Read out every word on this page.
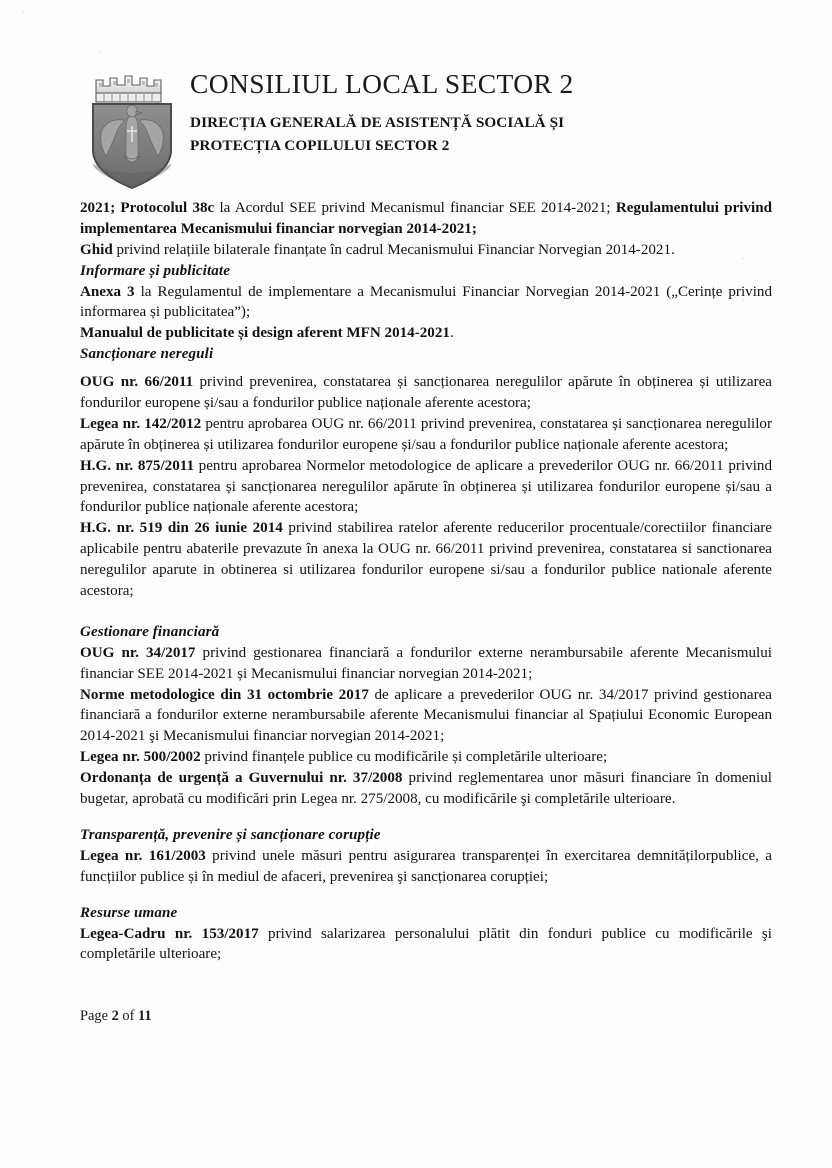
▪▫▫
▫▪▫
▫▪
▫▪
CONSILIUL LOCAL SECTOR 2
DIRECȚIA GENERALĂ DE ASISTENȚĂ SOCIALĂ ȘI
PROTECȚIA COPILULUI SECTOR 2

2021; Protocolul 38c la Acordul SEE privind Mecanismul financiar SEE 2014-2021; Regulamentului privind implementarea Mecanismului financiar norvegian 2014-2021;

Ghid privind relațiile bilaterale finanțate în cadrul Mecanismului Financiar Norvegian 2014-2021.

Informare și publicitate

Anexa 3 la Regulamentul de implementare a Mecanismului Financiar Norvegian 2014-2021 („Cerințe privind informarea și publicitatea”);

Manualul de publicitate și design aferent MFN 2014-2021.

Sancționare nereguli

OUG nr. 66/2011 privind prevenirea, constatarea și sancționarea neregulilor apărute în obținerea și utilizarea fondurilor europene și/sau a fondurilor publice naționale aferente acestora;

Legea nr. 142/2012 pentru aprobarea OUG nr. 66/2011 privind prevenirea, constatarea și sancționarea neregulilor apărute în obținerea și utilizarea fondurilor europene și/sau a fondurilor publice naționale aferente acestora;

H.G. nr. 875/2011 pentru aprobarea Normelor metodologice de aplicare a prevederilor OUG nr. 66/2011 privind prevenirea, constatarea și sancționarea neregulilor apărute în obținerea și utilizarea fondurilor europene și/sau a fondurilor publice naționale aferente acestora;

H.G. nr. 519 din 26 iunie 2014 privind stabilirea ratelor aferente reducerilor procentuale/corectiilor financiare aplicabile pentru abaterile prevazute în anexa la OUG nr. 66/2011 privind prevenirea, constatarea si sanctionarea neregulilor aparute in obtinerea si utilizarea fondurilor europene si/sau a fondurilor publice nationale aferente acestora;

Gestionare financiară

OUG nr. 34/2017 privind gestionarea financiară a fondurilor externe nerambursabile aferente Mecanismului financiar SEE 2014-2021 și Mecanismului financiar norvegian 2014-2021;

Norme metodologice din 31 octombrie 2017 de aplicare a prevederilor OUG nr. 34/2017 privind gestionarea financiară a fondurilor externe nerambursabile aferente Mecanismului financiar al Spațiului Economic European 2014-2021 şi Mecanismului financiar norvegian 2014-2021;

Legea nr. 500/2002 privind finanțele publice cu modificările și completările ulterioare;

Ordonanța de urgență a Guvernului nr. 37/2008 privind reglementarea unor măsuri financiare în domeniul bugetar, aprobată cu modificări prin Legea nr. 275/2008, cu modificările şi completările ulterioare.

Transparență, prevenire și sancționare corupție

Legea nr. 161/2003 privind unele măsuri pentru asigurarea transparenței în exercitarea demnitățilorpublice, a funcțiilor publice și în mediul de afaceri, prevenirea şi sancționarea corupției;

Resurse umane

Legea-Cadru nr. 153/2017 privind salarizarea personalului plătit din fonduri publice cu modificările şi completările ulterioare;

Page 2 of 11
